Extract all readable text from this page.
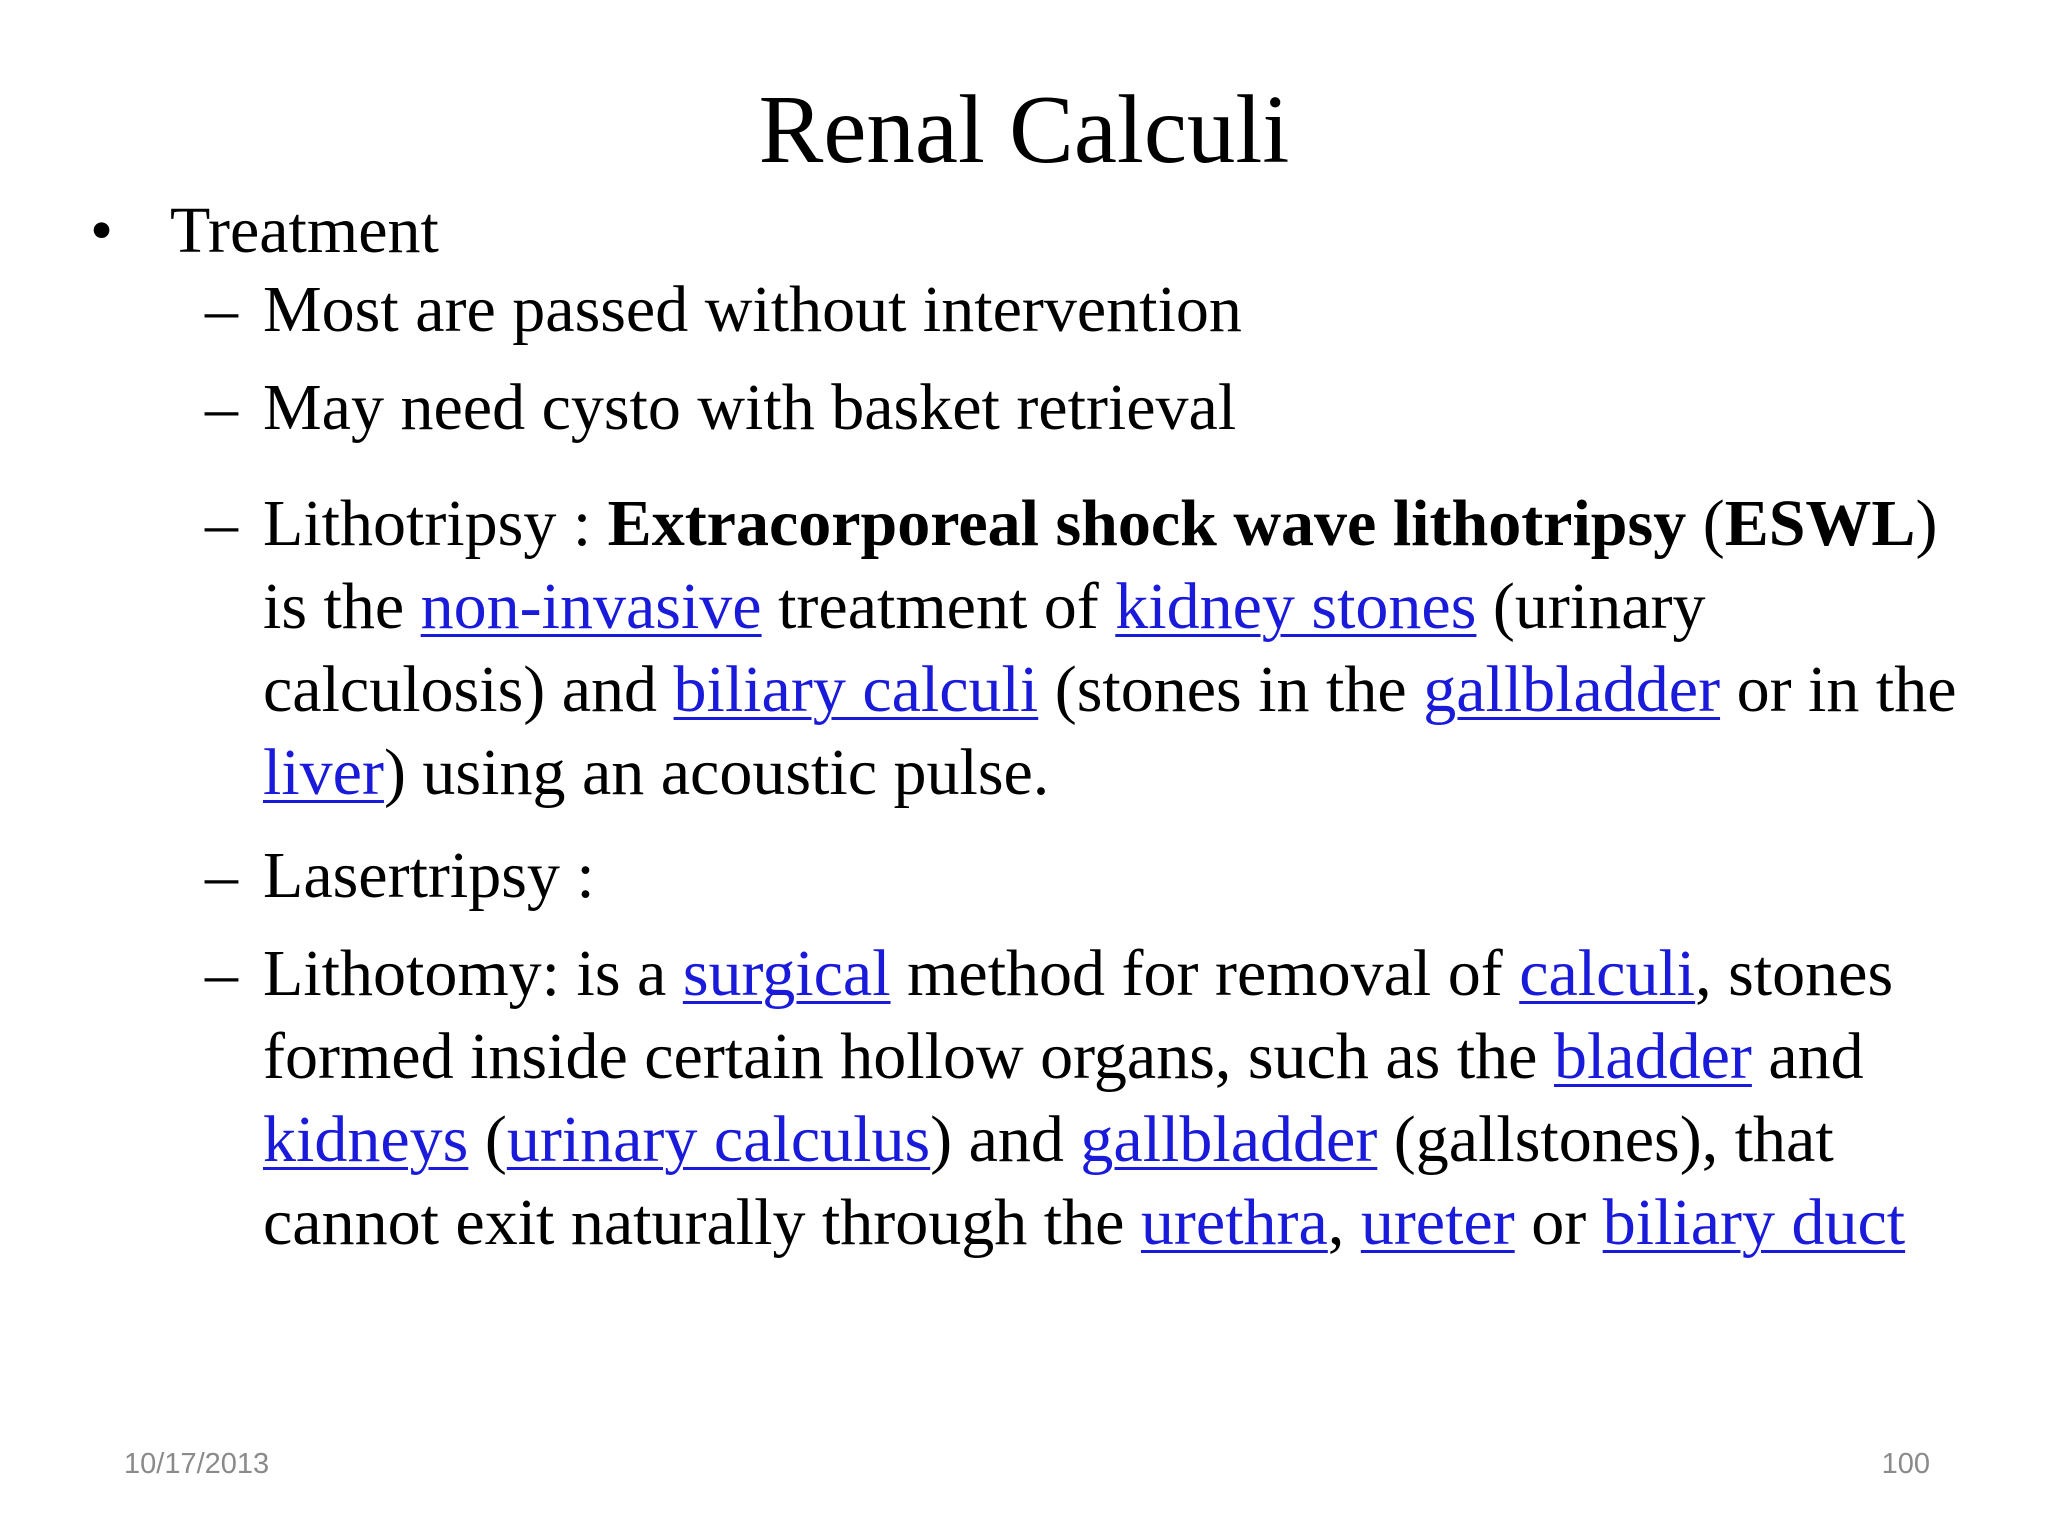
Renal Calculi
• Treatment
– Most are passed without intervention
– May need cysto with basket retrieval
– Lithotripsy : Extracorporeal shock wave lithotripsy (ESWL)
is the non-invasive treatment of kidney stones (urinary
calculosis) and biliary calculi (stones in the gallbladder or in the
liver) using an acoustic pulse.
– Lasertripsy :
– Lithotomy: is a surgical method for removal of calculi, stones
formed inside certain hollow organs, such as the bladder and
kidneys (urinary calculus) and gallbladder (gallstones), that
cannot exit naturally through the urethra, ureter or biliary duct
10/17/2013	100
